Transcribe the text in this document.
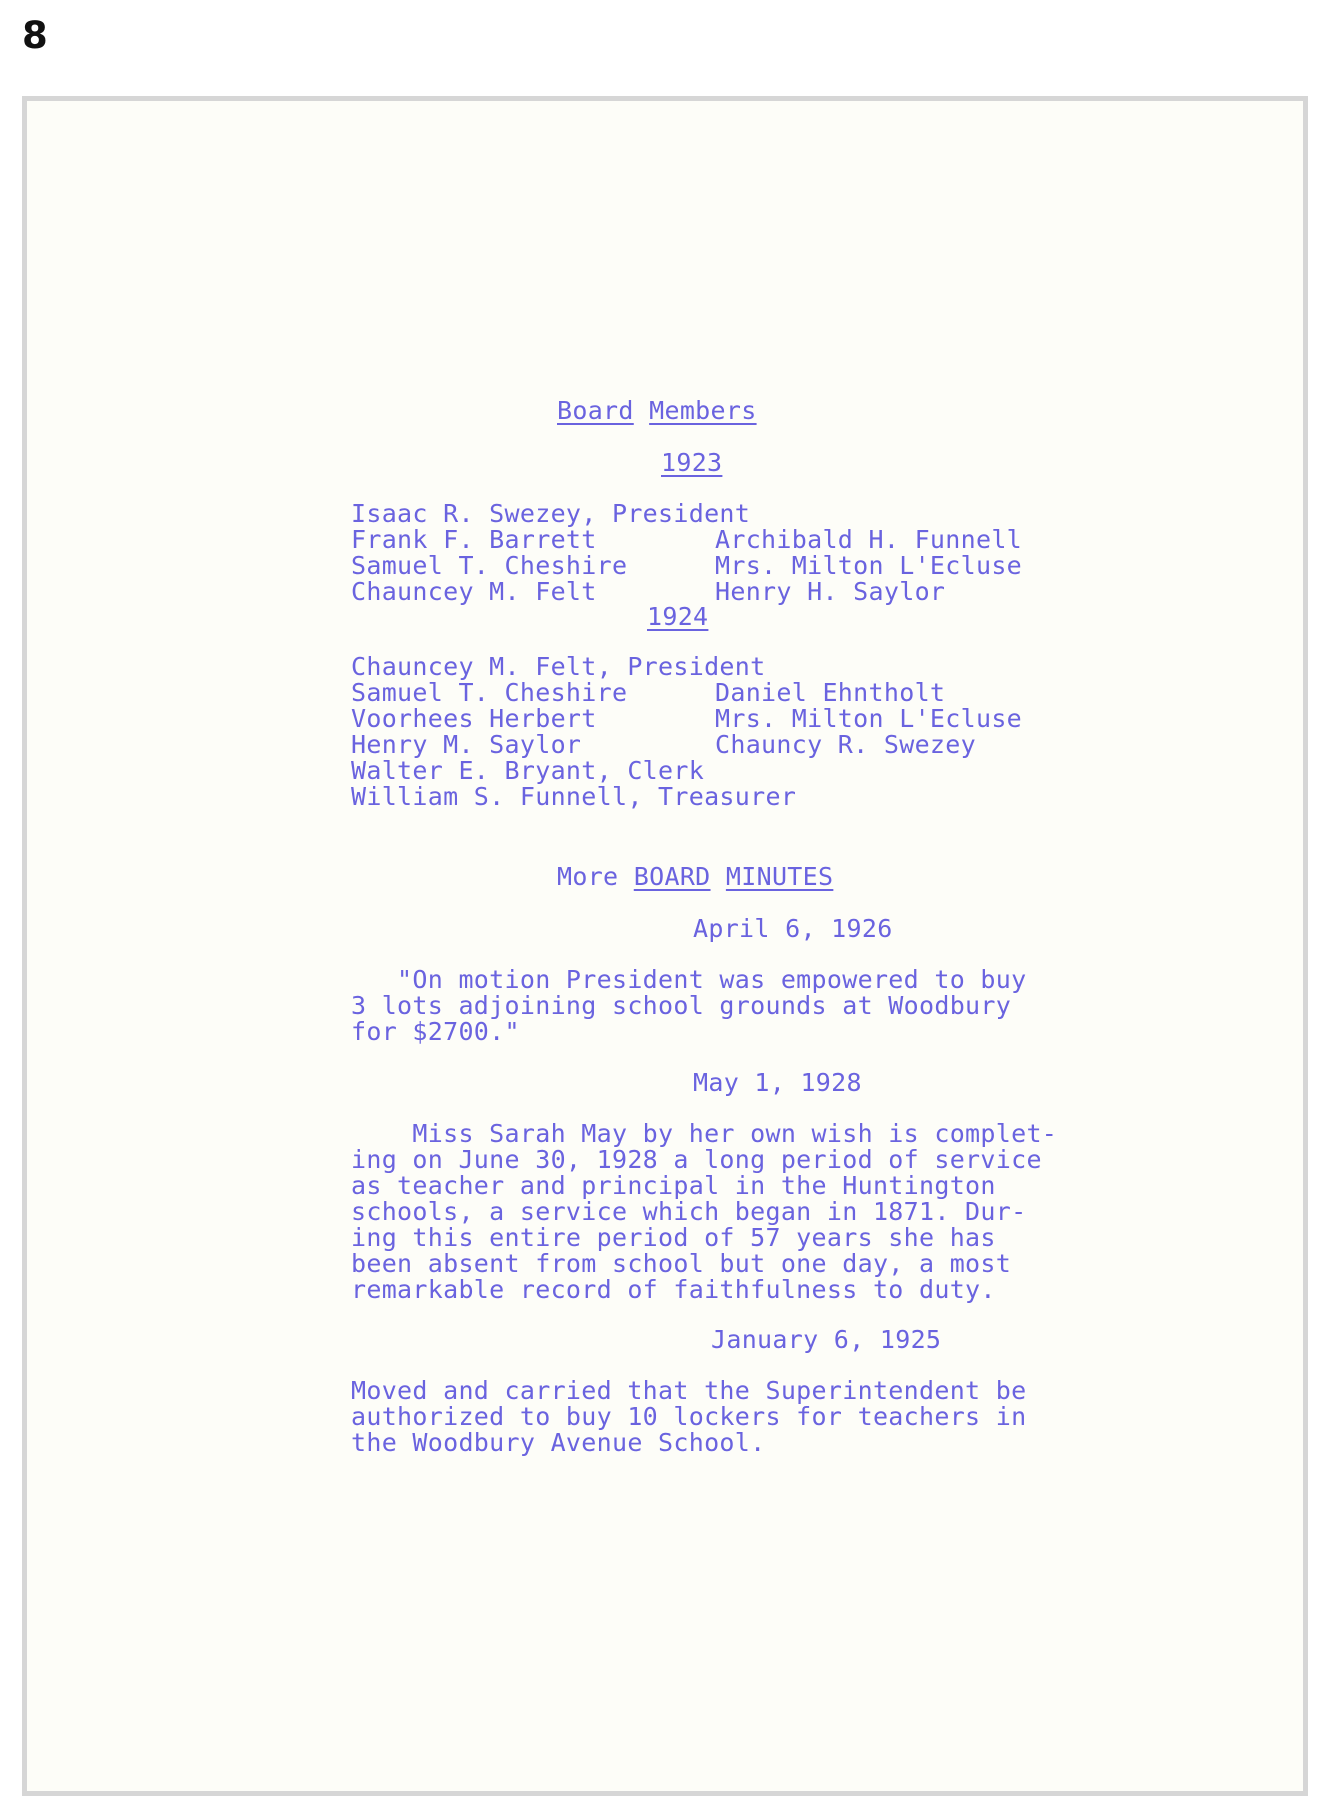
8
Board Members
1923
Isaac R. Swezey, President
Frank F. Barrett
Samuel T. Cheshire
Chauncey M. Felt
Archibald H. Funnell
Mrs. Milton L'Ecluse
Henry H. Saylor
1924
Chauncey M. Felt, President
Samuel T. Cheshire
Voorhees Herbert
Henry M. Saylor
Daniel Ehntholt
Mrs. Milton L'Ecluse
Chauncy R. Swezey
Walter E. Bryant, Clerk
William S. Funnell, Treasurer
More BOARD MINUTES
April 6, 1926
"On motion President was empowered to buy
3 lots adjoining school grounds at Woodbury
for $2700."
May 1, 1928
Miss Sarah May by her own wish is complet-
ing on June 30, 1928 a long period of service
as teacher and principal in the Huntington
schools, a service which began in 1871. Dur-
ing this entire period of 57 years she has
been absent from school but one day, a most
remarkable record of faithfulness to duty.
January 6, 1925
Moved and carried that the Superintendent be
authorized to buy 10 lockers for teachers in
the Woodbury Avenue School.
